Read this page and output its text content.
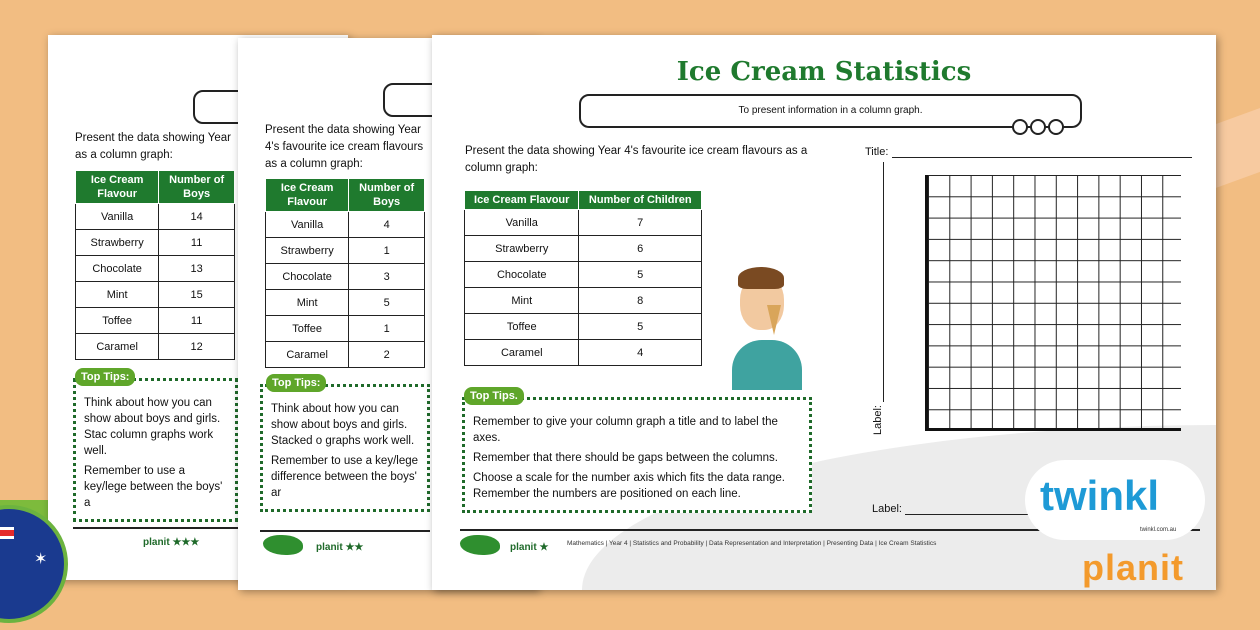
Present the data showing Year as a column graph:
Ice Cream Flavour	Number of Boys
Vanilla	14
Strawberry	11
Chocolate	13
Mint	15
Toffee	11
Caramel	12

Think about how you can show about boys and girls. Stac column graphs work well.

Remember to use a key/lege between the boys' a

Top Tips:
planit ★★★
Present the data showing Year 4's favourite ice cream flavours as a column graph:
Ice Cream Flavour	Number of Boys
Vanilla	4
Strawberry	1
Chocolate	3
Mint	5
Toffee	1
Caramel	2

Think about how you can show about boys and girls. Stacked o graphs work well.

Remember to use a key/lege difference between the boys' ar

Top Tips:
planit ★★
Ice Cream Statistics
To present information in a column graph.
Present the data showing Year 4's favourite ice cream flavours as a column graph:
Ice Cream Flavour	Number of Children
Vanilla	7
Strawberry	6
Chocolate	5
Mint	8
Toffee	5
Caramel	4

Remember to give your column graph a title and to label the axes.

Remember that there should be gaps between the columns.

Choose a scale for the number axis which fits the data range. Remember the numbers are positioned on each line.

Top Tips.
planit ★	Mathematics | Year 4 | Statistics and Probability | Data Representation and Interpretation | Presenting Data | Ice Cream Statistics
Title:
Label:
Label:
✶
twinkl
twinkl.com.au
planit
